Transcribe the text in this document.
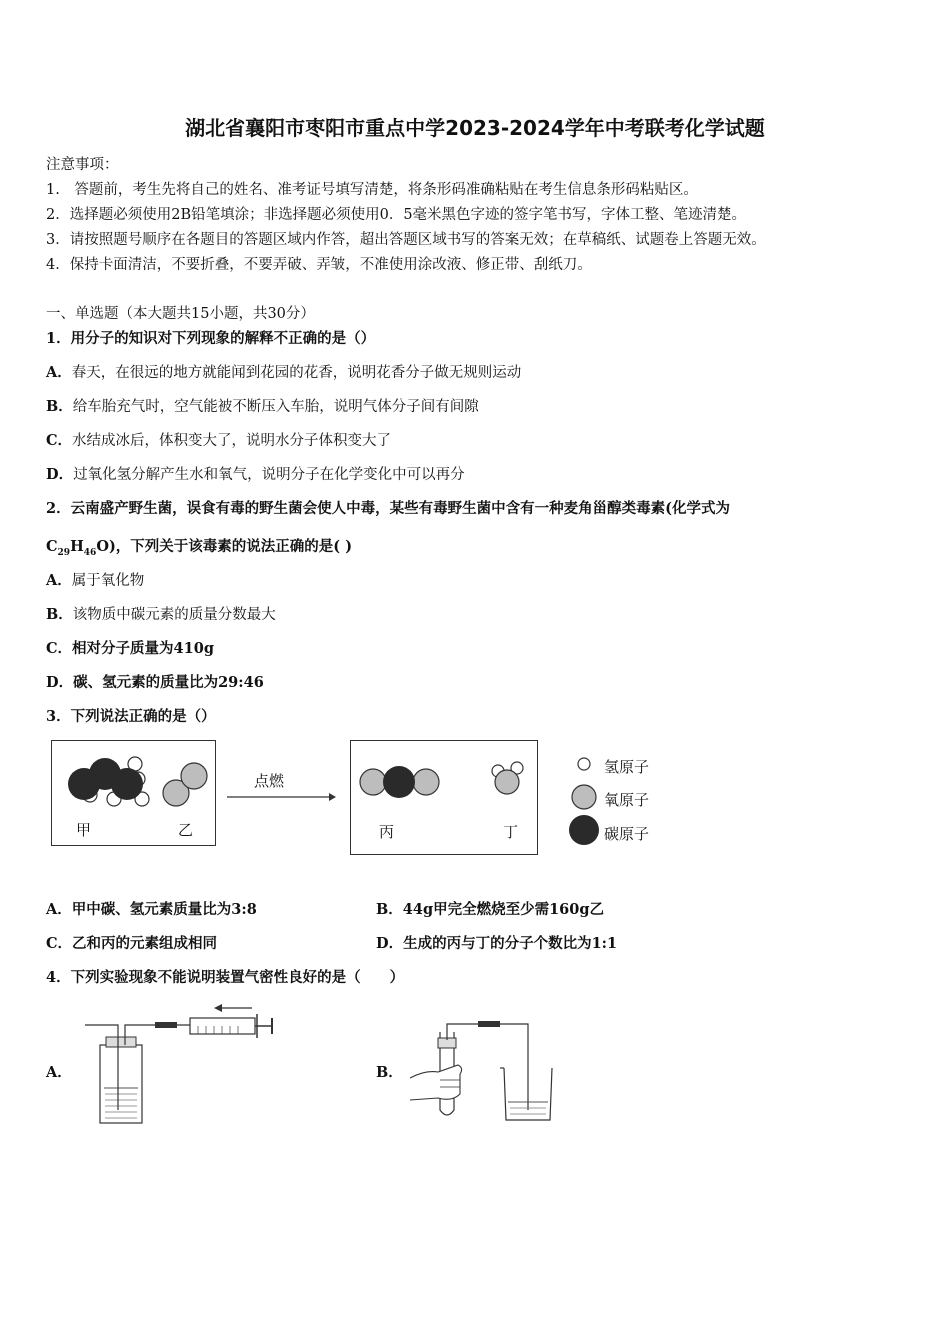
湖北省襄阳市枣阳市重点中学2023-2024学年中考联考化学试题
注意事项：
1.　答题前，考生先将自己的姓名、准考证号填写清楚，将条形码准确粘贴在考生信息条形码粘贴区。
2．选择题必须使用2B铅笔填涂；非选择题必须使用0．5毫米黑色字迹的签字笔书写，字体工整、笔迹清楚。
3．请按照题号顺序在各题目的答题区域内作答，超出答题区域书写的答案无效；在草稿纸、试题卷上答题无效。
4．保持卡面清洁，不要折叠，不要弄破、弄皱，不准使用涂改液、修正带、刮纸刀。
一、单选题（本大题共15小题，共30分）
1．用分子的知识对下列现象的解释不正确的是（）
A．春天，在很远的地方就能闻到花园的花香，说明花香分子做无规则运动
B．给车胎充气时，空气能被不断压入车胎，说明气体分子间有间隙
C．水结成冰后，体积变大了，说明水分子体积变大了
D．过氧化氢分解产生水和氧气，说明分子在化学变化中可以再分
2．云南盛产野生菌，误食有毒的野生菌会使人中毒，某些有毒野生菌中含有一种麦角甾醇类毒素(化学式为
$C_{29}H_{46}O$)，下列关于该毒素的说法正确的是( )
A．属于氧化物
B．该物质中碳元素的质量分数最大
C．相对分子质量为410g
D．碳、氢元素的质量比为29:46
3．下列说法正确的是（）
甲	乙
点燃
丙	丁
氢原子
氧原子
碳原子
A．甲中碳、氢元素质量比为3:8	B．44g甲完全燃烧至少需160g乙
C．乙和丙的元素组成相同	D．生成的丙与丁的分子个数比为1:1
4．下列实验现象不能说明装置气密性良好的是（　　）
A．	B．
